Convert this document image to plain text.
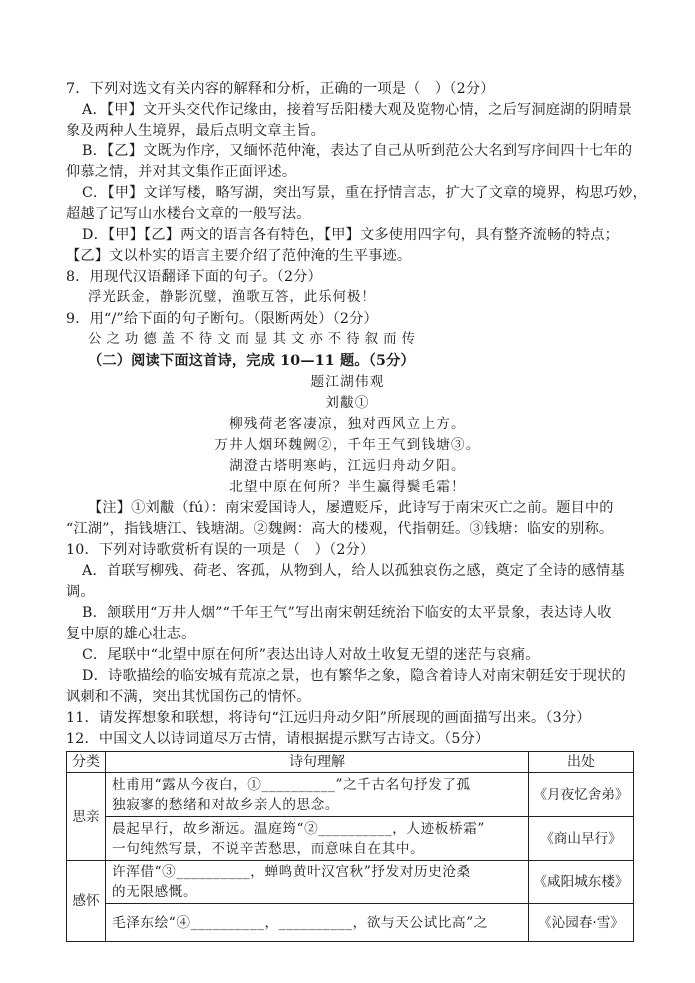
7．下列对选文有关内容的解释和分析，正确的一项是（　）（2分）
A．【甲】文开头交代作记缘由，接着写岳阳楼大观及览物心情，之后写洞庭湖的阴晴景
象及两种人生境界，最后点明文章主旨。
B．【乙】文既为作序，又缅怀范仲淹，表达了自己从听到范公大名到写序间四十七年的
仰慕之情，并对其文集作正面评述。
C．【甲】文详写楼，略写湖，突出写景，重在抒情言志，扩大了文章的境界，构思巧妙，
超越了记写山水楼台文章的一般写法。
D．【甲】【乙】两文的语言各有特色，【甲】文多使用四字句，具有整齐流畅的特点；
【乙】文以朴实的语言主要介绍了范仲淹的生平事迹。
8．用现代汉语翻译下面的句子。（2分）
浮光跃金，静影沉璧，渔歌互答，此乐何极！
9．用“/”给下面的句子断句。（限断两处）（2分）
公 之 功 德 盖 不 待 文 而 显 其 文 亦 不 待 叙 而 传
（二）阅读下面这首诗，完成 10—11 题。（5分）
题江湖伟观
刘黻①
柳残荷老客凄凉，独对西风立上方。
万井人烟环魏阙②，千年王气到钱塘③。
湖澄古塔明寒屿，江远归舟动夕阳。
北望中原在何所？半生赢得鬓毛霜！
【注】①刘黻（fú）：南宋爱国诗人，屡遭贬斥，此诗写于南宋灭亡之前。题目中的
“江湖”，指钱塘江、钱塘湖。②魏阙：高大的楼观，代指朝廷。③钱塘：临安的别称。
10．下列对诗歌赏析有误的一项是（　）（2分）
A．首联写柳残、荷老、客孤，从物到人，给人以孤独哀伤之感，奠定了全诗的感情基
调。
B．颔联用“万井人烟”“千年王气”写出南宋朝廷统治下临安的太平景象，表达诗人收
复中原的雄心壮志。
C．尾联中“北望中原在何所”表达出诗人对故土收复无望的迷茫与哀痛。
D．诗歌描绘的临安城有荒凉之景，也有繁华之象，隐含着诗人对南宋朝廷安于现状的
讽刺和不满，突出其忧国伤己的情怀。
11．请发挥想象和联想，将诗句“江远归舟动夕阳”所展现的画面描写出来。（3分）
12．中国文人以诗词道尽万古情，请根据提示默写古诗文。（5分）
分类	诗句理解	出处
思亲	杜甫用“露从今夜白，①__________”之千古名句抒发了孤
独寂寥的愁绪和对故乡亲人的思念。	《月夜忆舍弟》

	晨起早行，故乡渐远。温庭筠“②__________，人迹板桥霜”
一句纯然写景，不说辛苦愁思，而意味自在其中。	《商山早行》
感怀	许浑借“③__________，蝉鸣黄叶汉宫秋”抒发对历史沧桑
的无限感慨。	《咸阳城东楼》

	毛泽东绘“④__________，__________，欲与天公试比高”之	《沁园春·雪》
